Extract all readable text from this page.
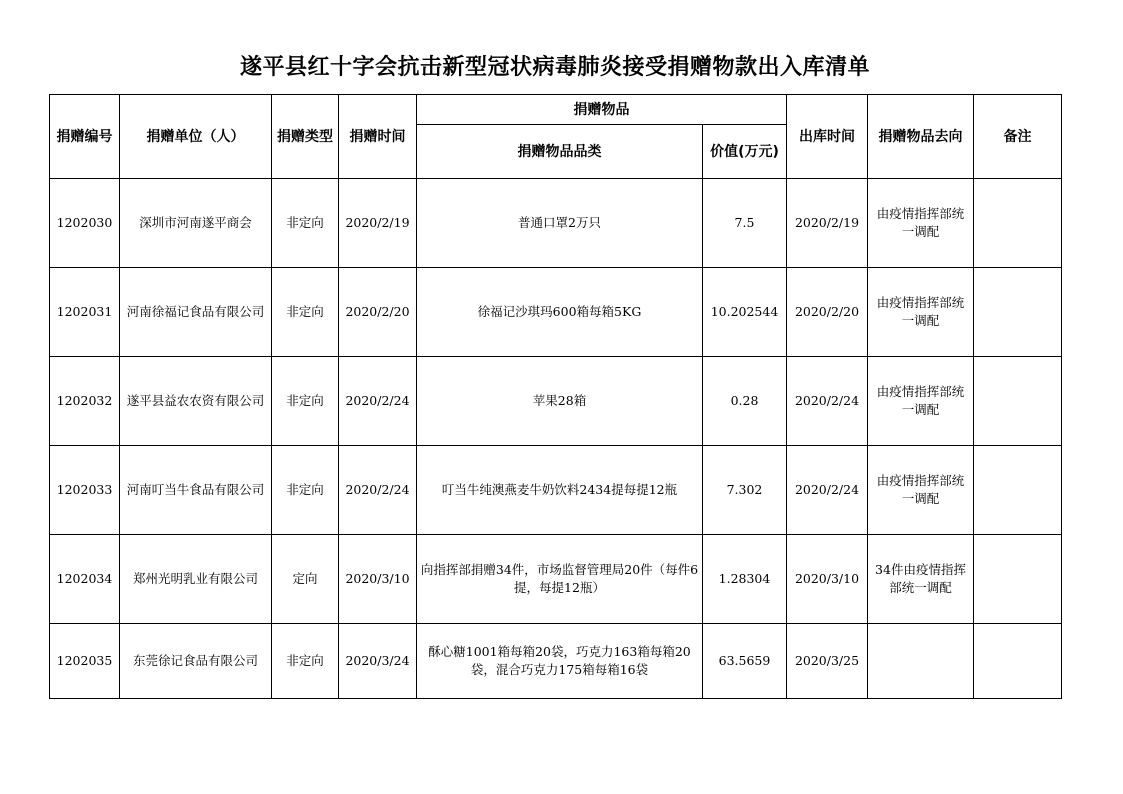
遂平县红十字会抗击新型冠状病毒肺炎接受捐赠物款出入库清单
捐赠编号	捐赠单位（人）	捐赠类型	捐赠时间	捐赠物品		出库时间	捐赠物品去向	备注
				捐赠物品品类	价值(万元)			
1202030	深圳市河南遂平商会	非定向	2020/2/19	普通口罩2万只	7.5	2020/2/19	由疫情指挥部统一调配	
1202031	河南徐福记食品有限公司	非定向	2020/2/20	徐福记沙琪玛600箱每箱5KG	10.202544	2020/2/20	由疫情指挥部统一调配	
1202032	遂平县益农农资有限公司	非定向	2020/2/24	苹果28箱	0.28	2020/2/24	由疫情指挥部统一调配	
1202033	河南叮当牛食品有限公司	非定向	2020/2/24	叮当牛纯澳燕麦牛奶饮料2434提每提12瓶	7.302	2020/2/24	由疫情指挥部统一调配	
1202034	郑州光明乳业有限公司	定向	2020/3/10	向指挥部捐赠34件，市场监督管理局20件（每件6提，每提12瓶）	1.28304	2020/3/10	34件由疫情指挥部统一调配	
1202035	东莞徐记食品有限公司	非定向	2020/3/24	酥心糖1001箱每箱20袋，巧克力163箱每箱20袋，混合巧克力175箱每箱16袋	63.5659	2020/3/25		
